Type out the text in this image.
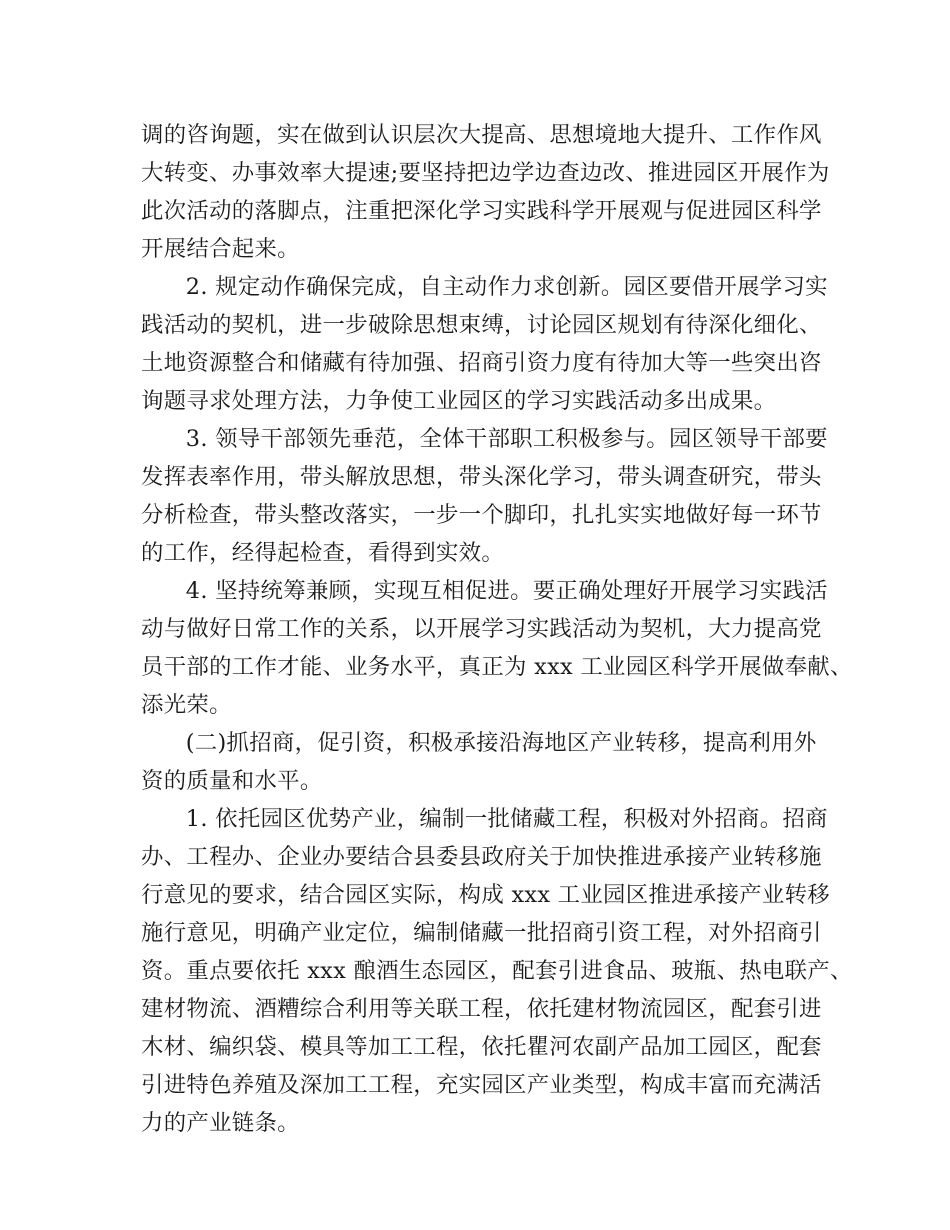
调的咨询题，实在做到认识层次大提高、思想境地大提升、工作作风
大转变、办事效率大提速;要坚持把边学边查边改、推进园区开展作为
此次活动的落脚点，注重把深化学习实践科学开展观与促进园区科学
开展结合起来。

2. 规定动作确保完成，自主动作力求创新。园区要借开展学习实
践活动的契机，进一步破除思想束缚，讨论园区规划有待深化细化、
土地资源整合和储藏有待加强、招商引资力度有待加大等一些突出咨
询题寻求处理方法，力争使工业园区的学习实践活动多出成果。

3. 领导干部领先垂范，全体干部职工积极参与。园区领导干部要
发挥表率作用，带头解放思想，带头深化学习，带头调查研究，带头
分析检查，带头整改落实，一步一个脚印，扎扎实实地做好每一环节
的工作，经得起检查，看得到实效。

4. 坚持统筹兼顾，实现互相促进。要正确处理好开展学习实践活
动与做好日常工作的关系，以开展学习实践活动为契机，大力提高党
员干部的工作才能、业务水平，真正为 xxx 工业园区科学开展做奉献、
添光荣。

(二)抓招商，促引资，积极承接沿海地区产业转移，提高利用外
资的质量和水平。

1. 依托园区优势产业，编制一批储藏工程，积极对外招商。招商
办、工程办、企业办要结合县委县政府关于加快推进承接产业转移施
行意见的要求，结合园区实际，构成 xxx 工业园区推进承接产业转移
施行意见，明确产业定位，编制储藏一批招商引资工程，对外招商引
资。重点要依托 xxx 酿酒生态园区，配套引进食品、玻瓶、热电联产、
建材物流、酒糟综合利用等关联工程，依托建材物流园区，配套引进
木材、编织袋、模具等加工工程，依托瞿河农副产品加工园区，配套
引进特色养殖及深加工工程，充实园区产业类型，构成丰富而充满活
力的产业链条。
